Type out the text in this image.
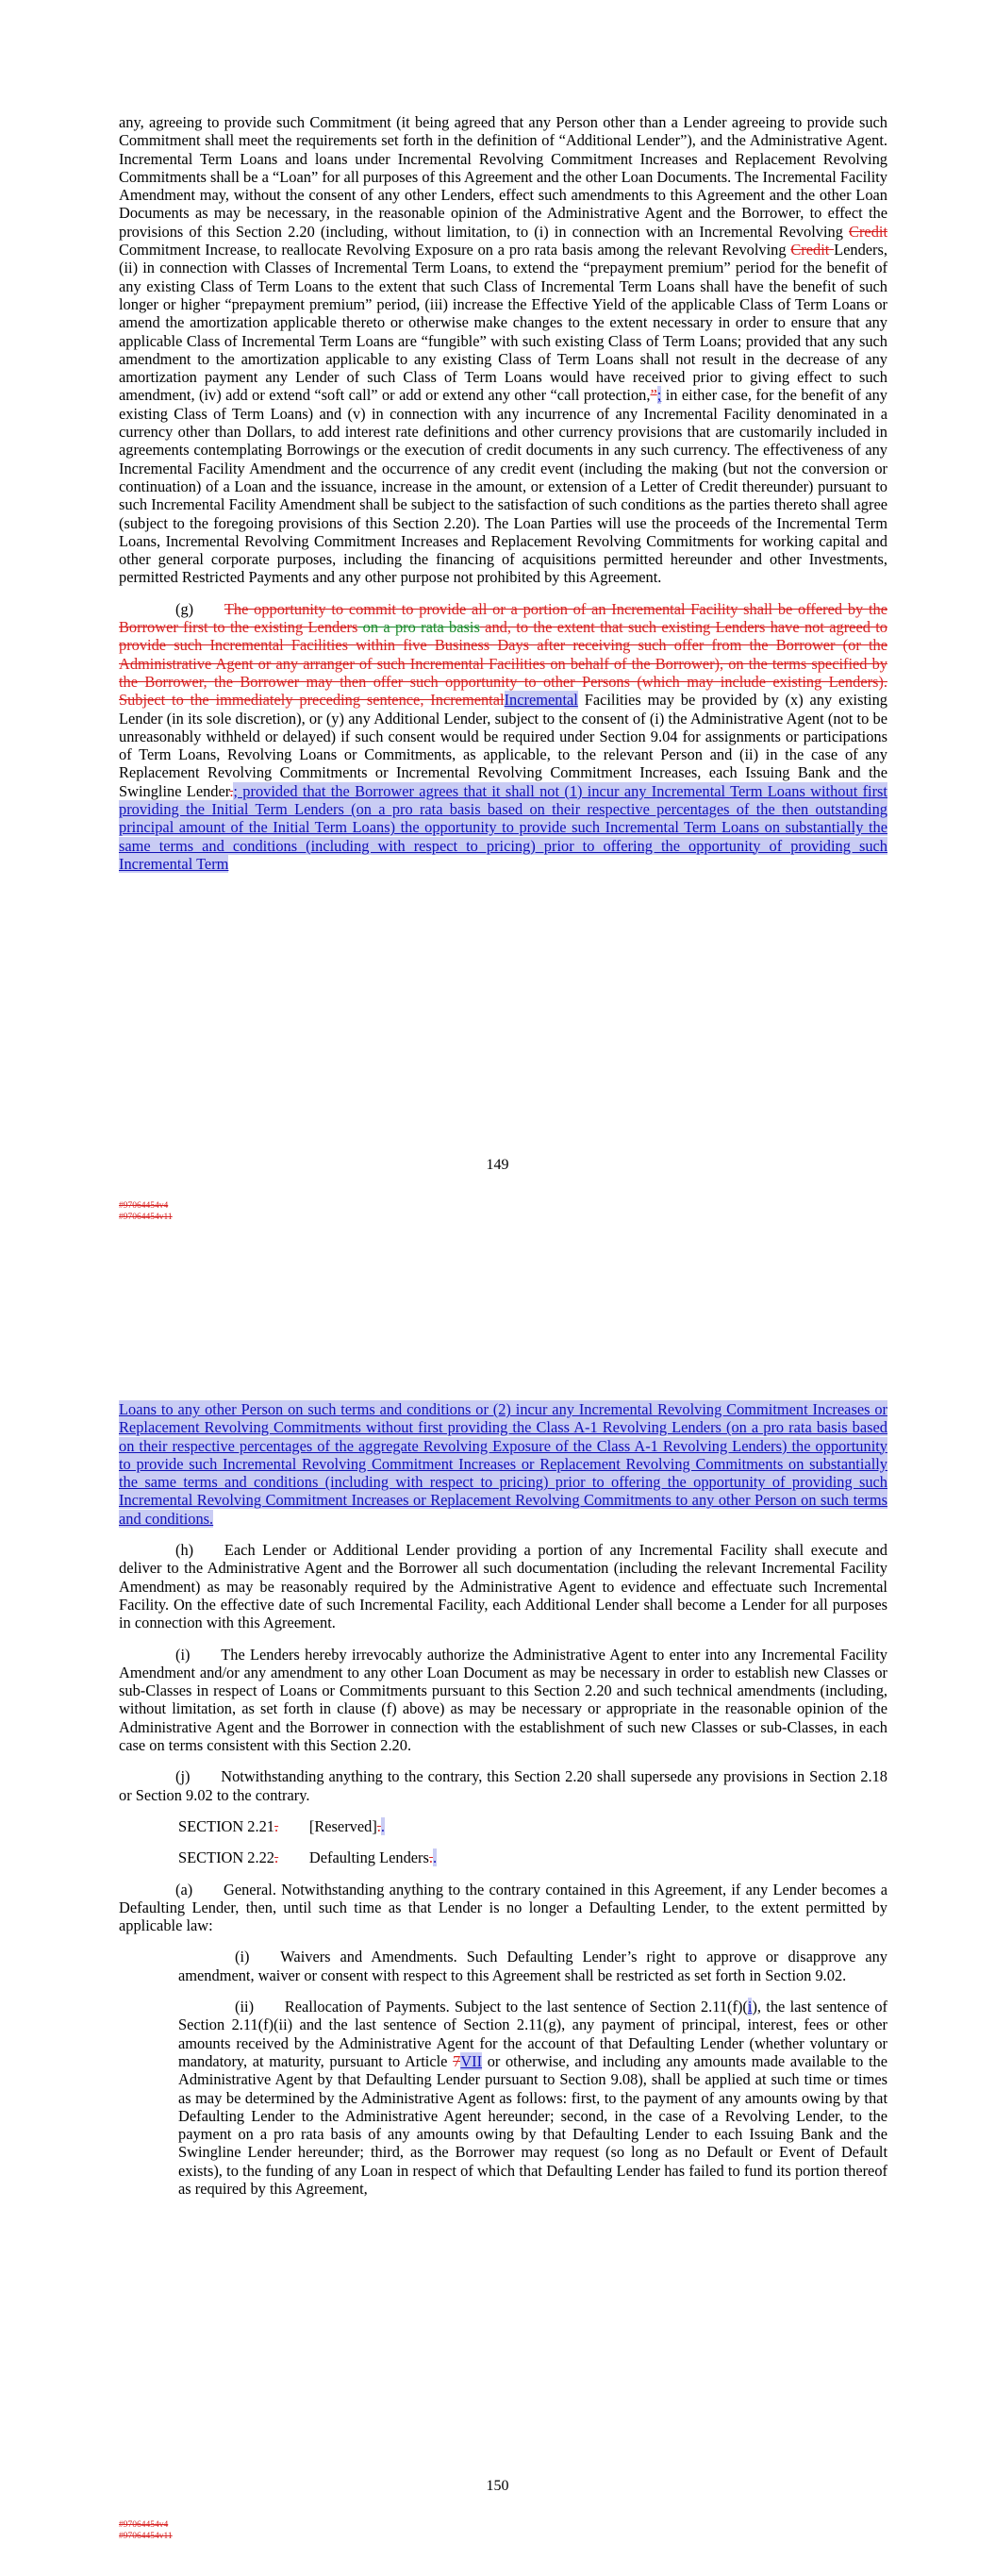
any, agreeing to provide such Commitment (it being agreed that any Person other than a Lender agreeing to provide such Commitment shall meet the requirements set forth in the definition of “Additional Lender”), and the Administrative Agent. Incremental Term Loans and loans under Incremental Revolving Commitment Increases and Replacement Revolving Commitments shall be a “Loan” for all purposes of this Agreement and the other Loan Documents. The Incremental Facility Amendment may, without the consent of any other Lenders, effect such amendments to this Agreement and the other Loan Documents as may be necessary, in the reasonable opinion of the Administrative Agent and the Borrower, to effect the provisions of this Section 2.20 (including, without limitation, to (i) in connection with an Incremental Revolving Credit Commitment Increase, to reallocate Revolving Exposure on a pro rata basis among the relevant Revolving Credit Lenders, (ii) in connection with Classes of Incremental Term Loans, to extend the “prepayment premium” period for the benefit of any existing Class of Term Loans to the extent that such Class of Incremental Term Loans shall have the benefit of such longer or higher “prepayment premium” period, (iii) increase the Effective Yield of the applicable Class of Term Loans or amend the amortization applicable thereto or otherwise make changes to the extent necessary in order to ensure that any applicable Class of Incremental Term Loans are “fungible” with such existing Class of Term Loans; provided that any such amendment to the amortization applicable to any existing Class of Term Loans shall not result in the decrease of any amortization payment any Lender of such Class of Term Loans would have received prior to giving effect to such amendment, (iv) add or extend “soft call” or add or extend any other “call protection,”; in either case, for the benefit of any existing Class of Term Loans) and (v) in connection with any incurrence of any Incremental Facility denominated in a currency other than Dollars, to add interest rate definitions and other currency provisions that are customarily included in agreements contemplating Borrowings or the execution of credit documents in any such currency. The effectiveness of any Incremental Facility Amendment and the occurrence of any credit event (including the making (but not the conversion or continuation) of a Loan and the issuance, increase in the amount, or extension of a Letter of Credit thereunder) pursuant to such Incremental Facility Amendment shall be subject to the satisfaction of such conditions as the parties thereto shall agree (subject to the foregoing provisions of this Section 2.20). The Loan Parties will use the proceeds of the Incremental Term Loans, Incremental Revolving Commitment Increases and Replacement Revolving Commitments for working capital and other general corporate purposes, including the financing of acquisitions permitted hereunder and other Investments, permitted Restricted Payments and any other purpose not prohibited by this Agreement.

(g)  The opportunity to commit to provide all or a portion of an Incremental Facility shall be offered by the Borrower first to the existing Lenders on a pro rata basis and, to the extent that such existing Lenders have not agreed to provide such Incremental Facilities within five Business Days after receiving such offer from the Borrower (or the Administrative Agent or any arranger of such Incremental Facilities on behalf of the Borrower), on the terms specified by the Borrower, the Borrower may then offer such opportunity to other Persons (which may include existing Lenders). Subject to the immediately preceding sentence, IncrementalIncremental Facilities may be provided by (x) any existing Lender (in its sole discretion), or (y) any Additional Lender, subject to the consent of (i) the Administrative Agent (not to be unreasonably withheld or delayed) if such consent would be required under Section 9.04 for assignments or participations of Term Loans, Revolving Loans or Commitments, as applicable, to the relevant Person and (ii) in the case of any Replacement Revolving Commitments or Incremental Revolving Commitment Increases, each Issuing Bank and the Swingline Lender.; provided that the Borrower agrees that it shall not (1) incur any Incremental Term Loans without first providing the Initial Term Lenders (on a pro rata basis based on their respective percentages of the then outstanding principal amount of the Initial Term Loans) the opportunity to provide such Incremental Term Loans on substantially the same terms and conditions (including with respect to pricing) prior to offering the opportunity of providing such Incremental Term

149
#97064454v4
#97064454v11

Loans to any other Person on such terms and conditions or (2) incur any Incremental Revolving Commitment Increases or Replacement Revolving Commitments without first providing the Class A-1 Revolving Lenders (on a pro rata basis based on their respective percentages of the aggregate Revolving Exposure of the Class A-1 Revolving Lenders) the opportunity to provide such Incremental Revolving Commitment Increases or Replacement Revolving Commitments on substantially the same terms and conditions (including with respect to pricing) prior to offering the opportunity of providing such Incremental Revolving Commitment Increases or Replacement Revolving Commitments to any other Person on such terms and conditions.

(h)  Each Lender or Additional Lender providing a portion of any Incremental Facility shall execute and deliver to the Administrative Agent and the Borrower all such documentation (including the relevant Incremental Facility Amendment) as may be reasonably required by the Administrative Agent to evidence and effectuate such Incremental Facility. On the effective date of such Incremental Facility, each Additional Lender shall become a Lender for all purposes in connection with this Agreement.

(i)  The Lenders hereby irrevocably authorize the Administrative Agent to enter into any Incremental Facility Amendment and/or any amendment to any other Loan Document as may be necessary in order to establish new Classes or sub-Classes in respect of Loans or Commitments pursuant to this Section 2.20 and such technical amendments (including, without limitation, as set forth in clause (f) above) as may be necessary or appropriate in the reasonable opinion of the Administrative Agent and the Borrower in connection with the establishment of such new Classes or sub-Classes, in each case on terms consistent with this Section 2.20.

(j)  Notwithstanding anything to the contrary, this Section 2.20 shall supersede any provisions in Section 2.18 or Section 9.02 to the contrary.

SECTION 2.21.   [Reserved]..

SECTION 2.22.   Defaulting Lenders..

(a)  General. Notwithstanding anything to the contrary contained in this Agreement, if any Lender becomes a Defaulting Lender, then, until such time as that Lender is no longer a Defaulting Lender, to the extent permitted by applicable law:

(i)  Waivers and Amendments. Such Defaulting Lender’s right to approve or disapprove any amendment, waiver or consent with respect to this Agreement shall be restricted as set forth in Section 9.02.

(ii)  Reallocation of Payments. Subject to the last sentence of Section 2.11(f)(i), the last sentence of Section 2.11(f)(ii) and the last sentence of Section 2.11(g), any payment of principal, interest, fees or other amounts received by the Administrative Agent for the account of that Defaulting Lender (whether voluntary or mandatory, at maturity, pursuant to Article 7VII or otherwise, and including any amounts made available to the Administrative Agent by that Defaulting Lender pursuant to Section 9.08), shall be applied at such time or times as may be determined by the Administrative Agent as follows: first, to the payment of any amounts owing by that Defaulting Lender to the Administrative Agent hereunder; second, in the case of a Revolving Lender, to the payment on a pro rata basis of any amounts owing by that Defaulting Lender to each Issuing Bank and the Swingline Lender hereunder; third, as the Borrower may request (so long as no Default or Event of Default exists), to the funding of any Loan in respect of which that Defaulting Lender has failed to fund its portion thereof as required by this Agreement,

150
#97064454v4
#97064454v11
